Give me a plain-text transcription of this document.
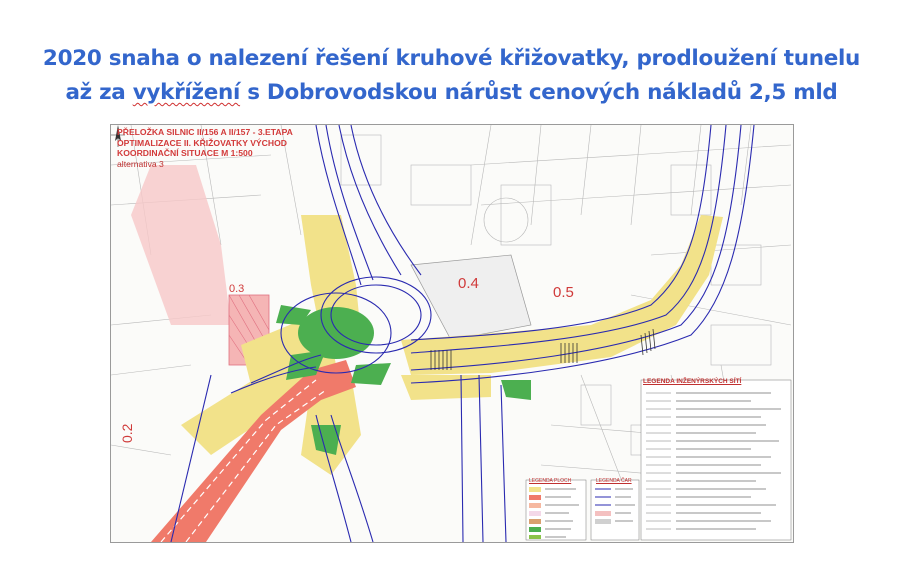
2020 snaha o nalezení řešení kruhové křižovatky, prodloužení tunelu
až za vykřížení s Dobrovodskou nárůst cenových nákladů 2,5 mld
PŘELOŽKA SILNIC II/156 A II/157 - 3.ETAPA
OPTIMALIZACE II. KŘIŽOVATKY VÝCHOD
KOORDINAČNÍ SITUACE M 1:500
alternativa 3
0.4
0.5
0.2
0.3
LEGENDA INŽENÝRSKÝCH SÍTÍ
LEGENDA PLOCH	LEGENDA ČAR
